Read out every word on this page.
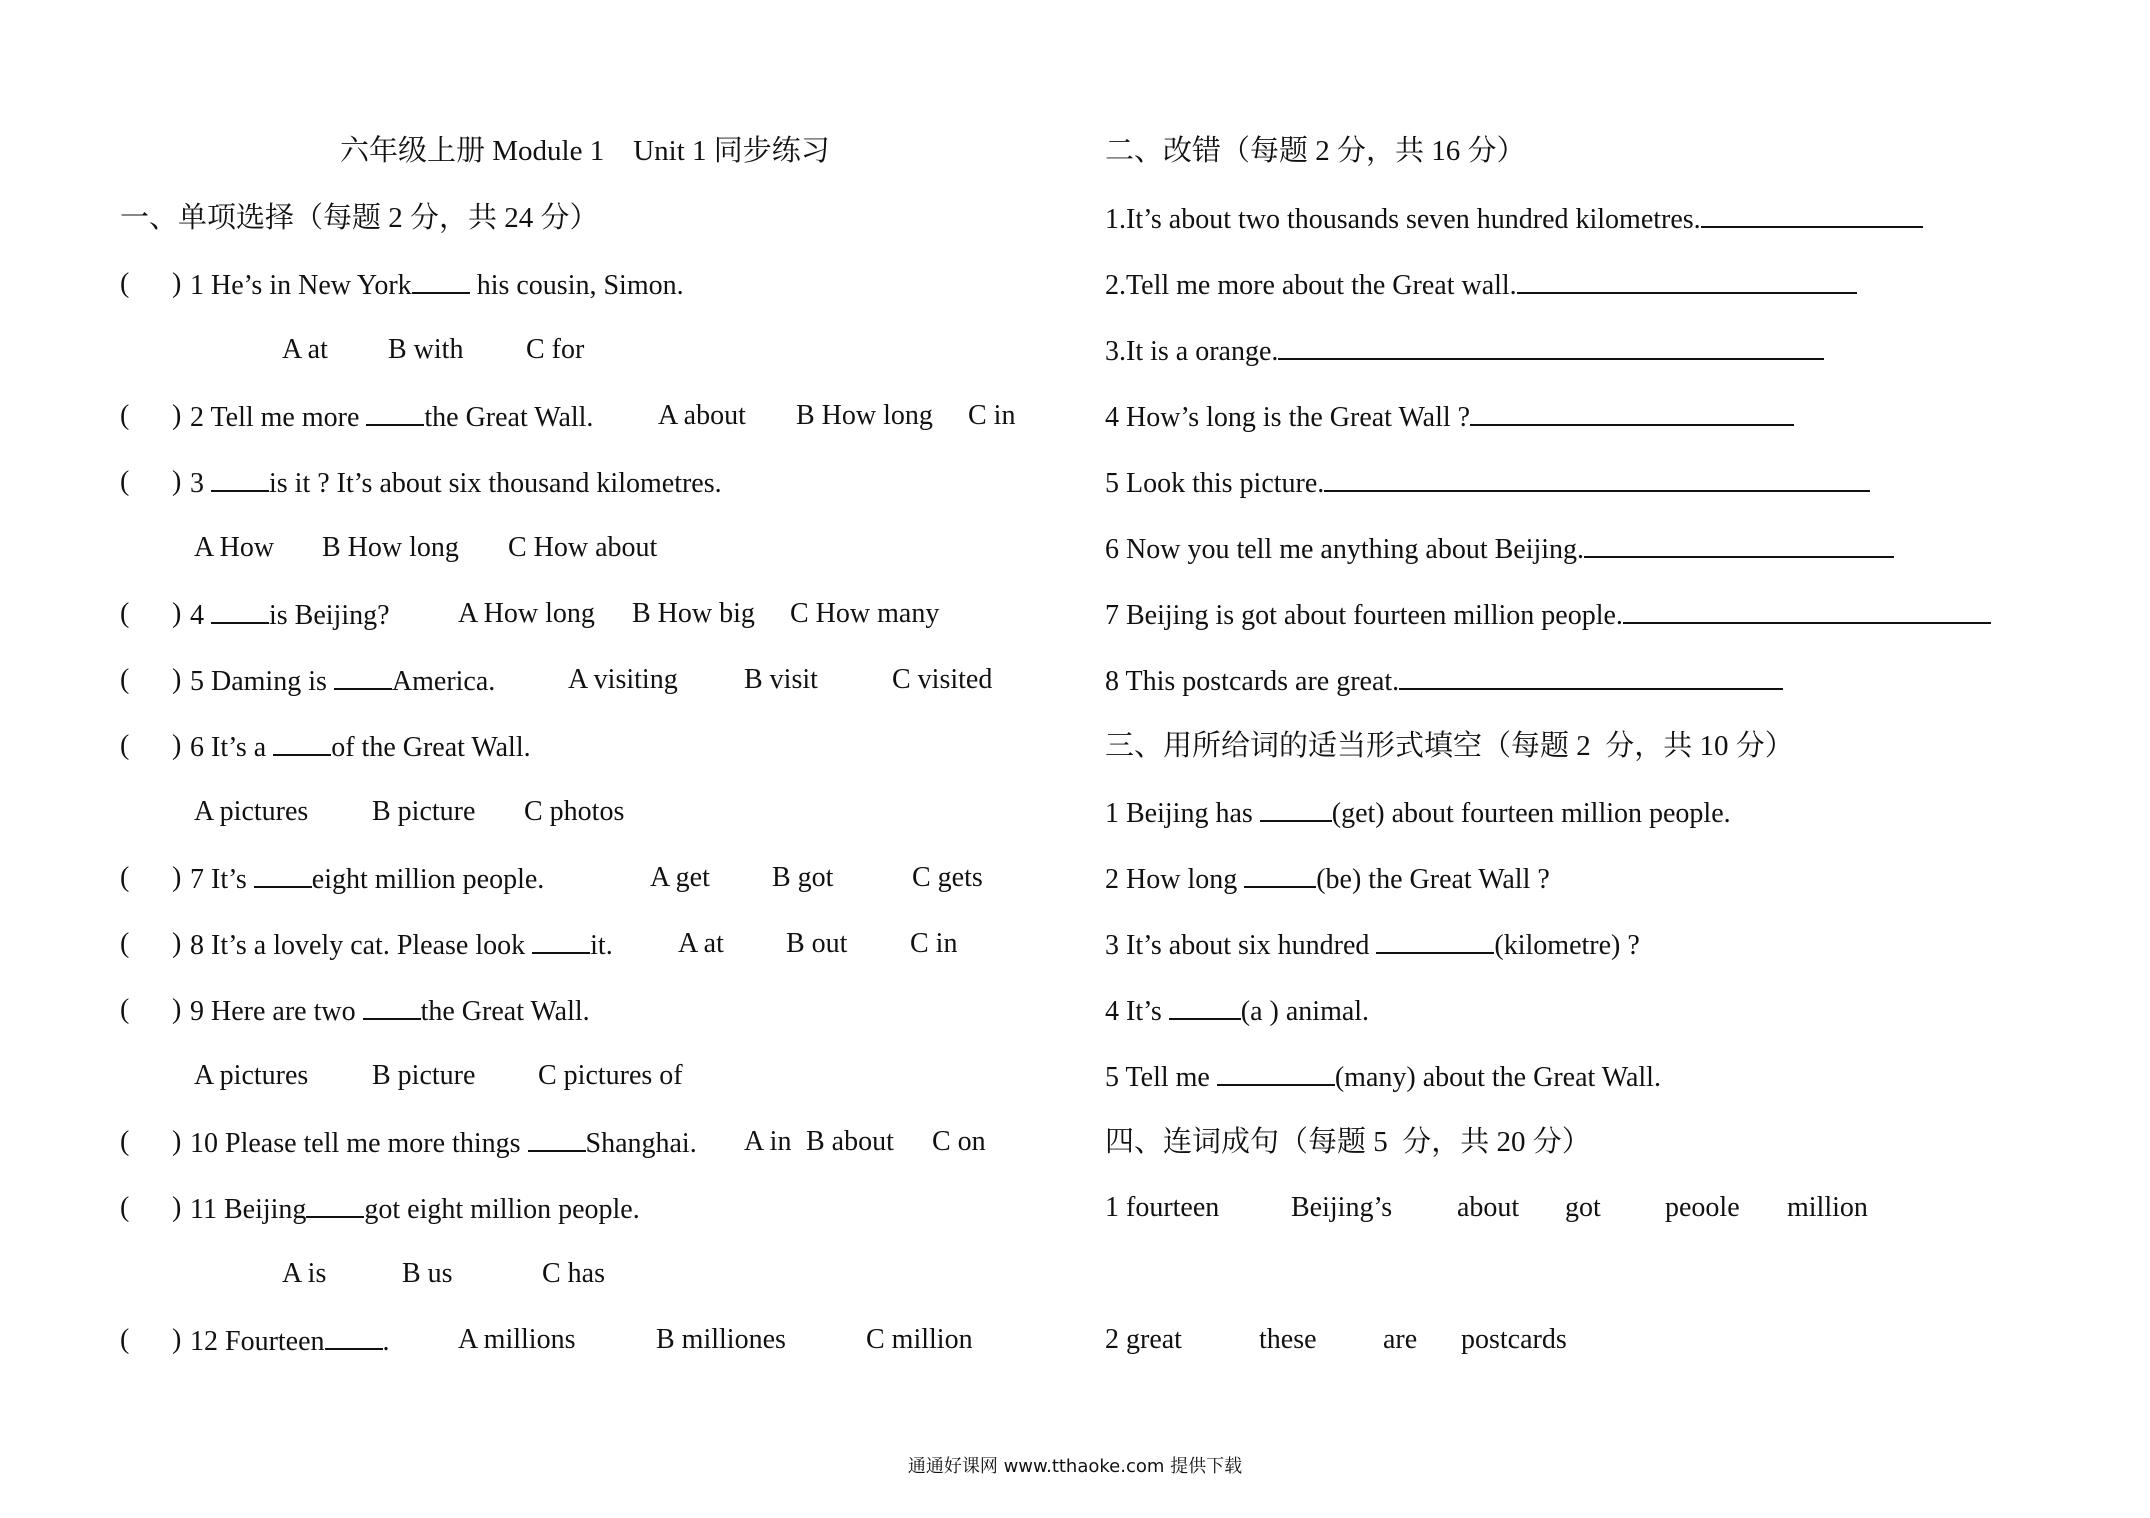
六年级上册 Module 1    Unit 1 同步练习
一、单项选择（每题 2 分，共 24 分）
( ) 1 He’s in New York his cousin, Simon.
A at B with C for
( ) 2 Tell me more the Great Wall. A about B How long C in
( ) 3 is it ? It’s about six thousand kilometres.
A How B How long C How about
( ) 4 is Beijing? A How long B How big C How many
( ) 5 Daming is America.	A visiting B visit	C visited
( ) 6 It’s a of the Great Wall.
A pictures B picture C photos
( ) 7 It’s eight million people.	A get B got	C gets
( ) 8 It’s a lovely cat. Please look it. A at B out C in
( ) 9 Here are two the Great Wall.
A pictures B picture C pictures of
( ) 10 Please tell me more things Shanghai. A in B about C on
( ) 11 Beijing got eight million people.
A is	B us	C has
( ) 12 Fourteen . A millions	B milliones	C million
二、改错（每题 2 分，共 16 分）
1.It’s about two thousands seven hundred kilometres.
2.Tell me more about the Great wall.
3.It is a orange.
4 How’s long is the Great Wall ?
5 Look this picture.
6 Now you tell me anything about Beijing.
7 Beijing is got about fourteen million people.
8 This postcards are great.
三、用所给词的适当形式填空（每题 2  分，共 10 分）
1 Beijing has	(get) about fourteen million people.
2 How long	(be) the Great Wall ?
3 It’s about six hundred	(kilometre) ?
4 It’s	(a ) animal.
5 Tell me	(many) about the Great Wall.
四、连词成句（每题 5  分，共 20 分）
1 fourteen	Beijing’s about got peoole million
2 great	these are postcards
通通好课网 www.tthaoke.com 提供下载
